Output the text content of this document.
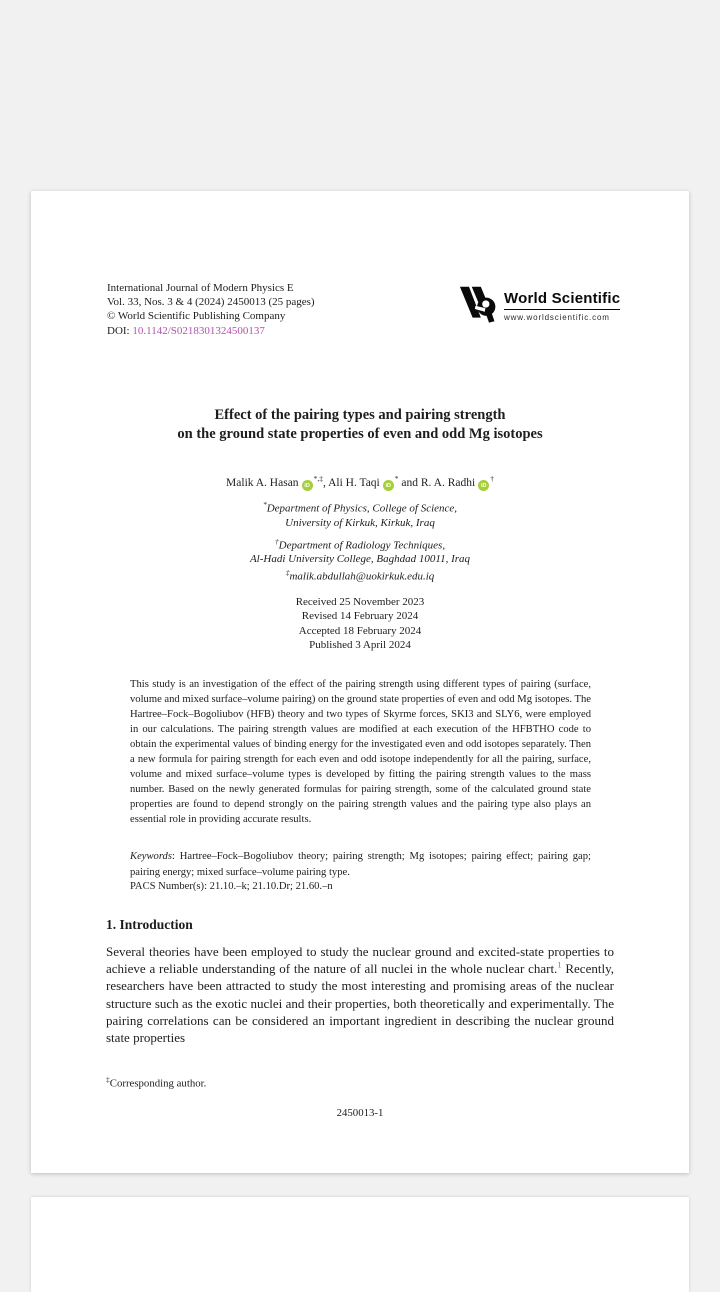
International Journal of Modern Physics E
Vol. 33, Nos. 3 & 4 (2024) 2450013 (25 pages)
© World Scientific Publishing Company
DOI: 10.1142/S0218301324500137
World Scientific
www.worldscientific.com
Effect of the pairing types and pairing strength
on the ground state properties of even and odd Mg isotopes
Malik A. Hasan iD
*,‡, Ali H. Taqi iD
* and R. A. Radhi iD
†
*Department of Physics, College of Science,
University of Kirkuk, Kirkuk, Iraq
†Department of Radiology Techniques,
Al-Hadi University College, Baghdad 10011, Iraq
‡malik.abdullah@uokirkuk.edu.iq
Received 25 November 2023
Revised 14 February 2024
Accepted 18 February 2024
Published 3 April 2024
This study is an investigation of the effect of the pairing strength using different types of pairing (surface, volume and mixed surface–volume pairing) on the ground state properties of even and odd Mg isotopes. The Hartree–Fock–Bogoliubov (HFB) theory and two types of Skyrme forces, SKI3 and SLY6, were employed in our calculations. The pairing strength values are modified at each execution of the HFBTHO code to obtain the experimental values of binding energy for the investigated even and odd isotopes separately. Then a new formula for pairing strength for each even and odd isotope independently for all the pairing, surface, volume and mixed surface–volume types is developed by fitting the pairing strength values to the mass number. Based on the newly generated formulas for pairing strength, some of the calculated ground state properties are found to depend strongly on the pairing strength values and the pairing type also plays an essential role in providing accurate results.
Keywords: Hartree–Fock–Bogoliubov theory; pairing strength; Mg isotopes; pairing effect; pairing gap; pairing energy; mixed surface–volume pairing type.
PACS Number(s): 21.10.–k; 21.10.Dr; 21.60.–n
1. Introduction
Several theories have been employed to study the nuclear ground and excited-state properties to achieve a reliable understanding of the nature of all nuclei in the whole nuclear chart.$^1$ Recently, researchers have been attracted to study the most interesting and promising areas of the nuclear structure such as the exotic nuclei and their properties, both theoretically and experimentally. The pairing correlations can be considered an important ingredient in describing the nuclear ground state properties
‡Corresponding author.
2450013-1
